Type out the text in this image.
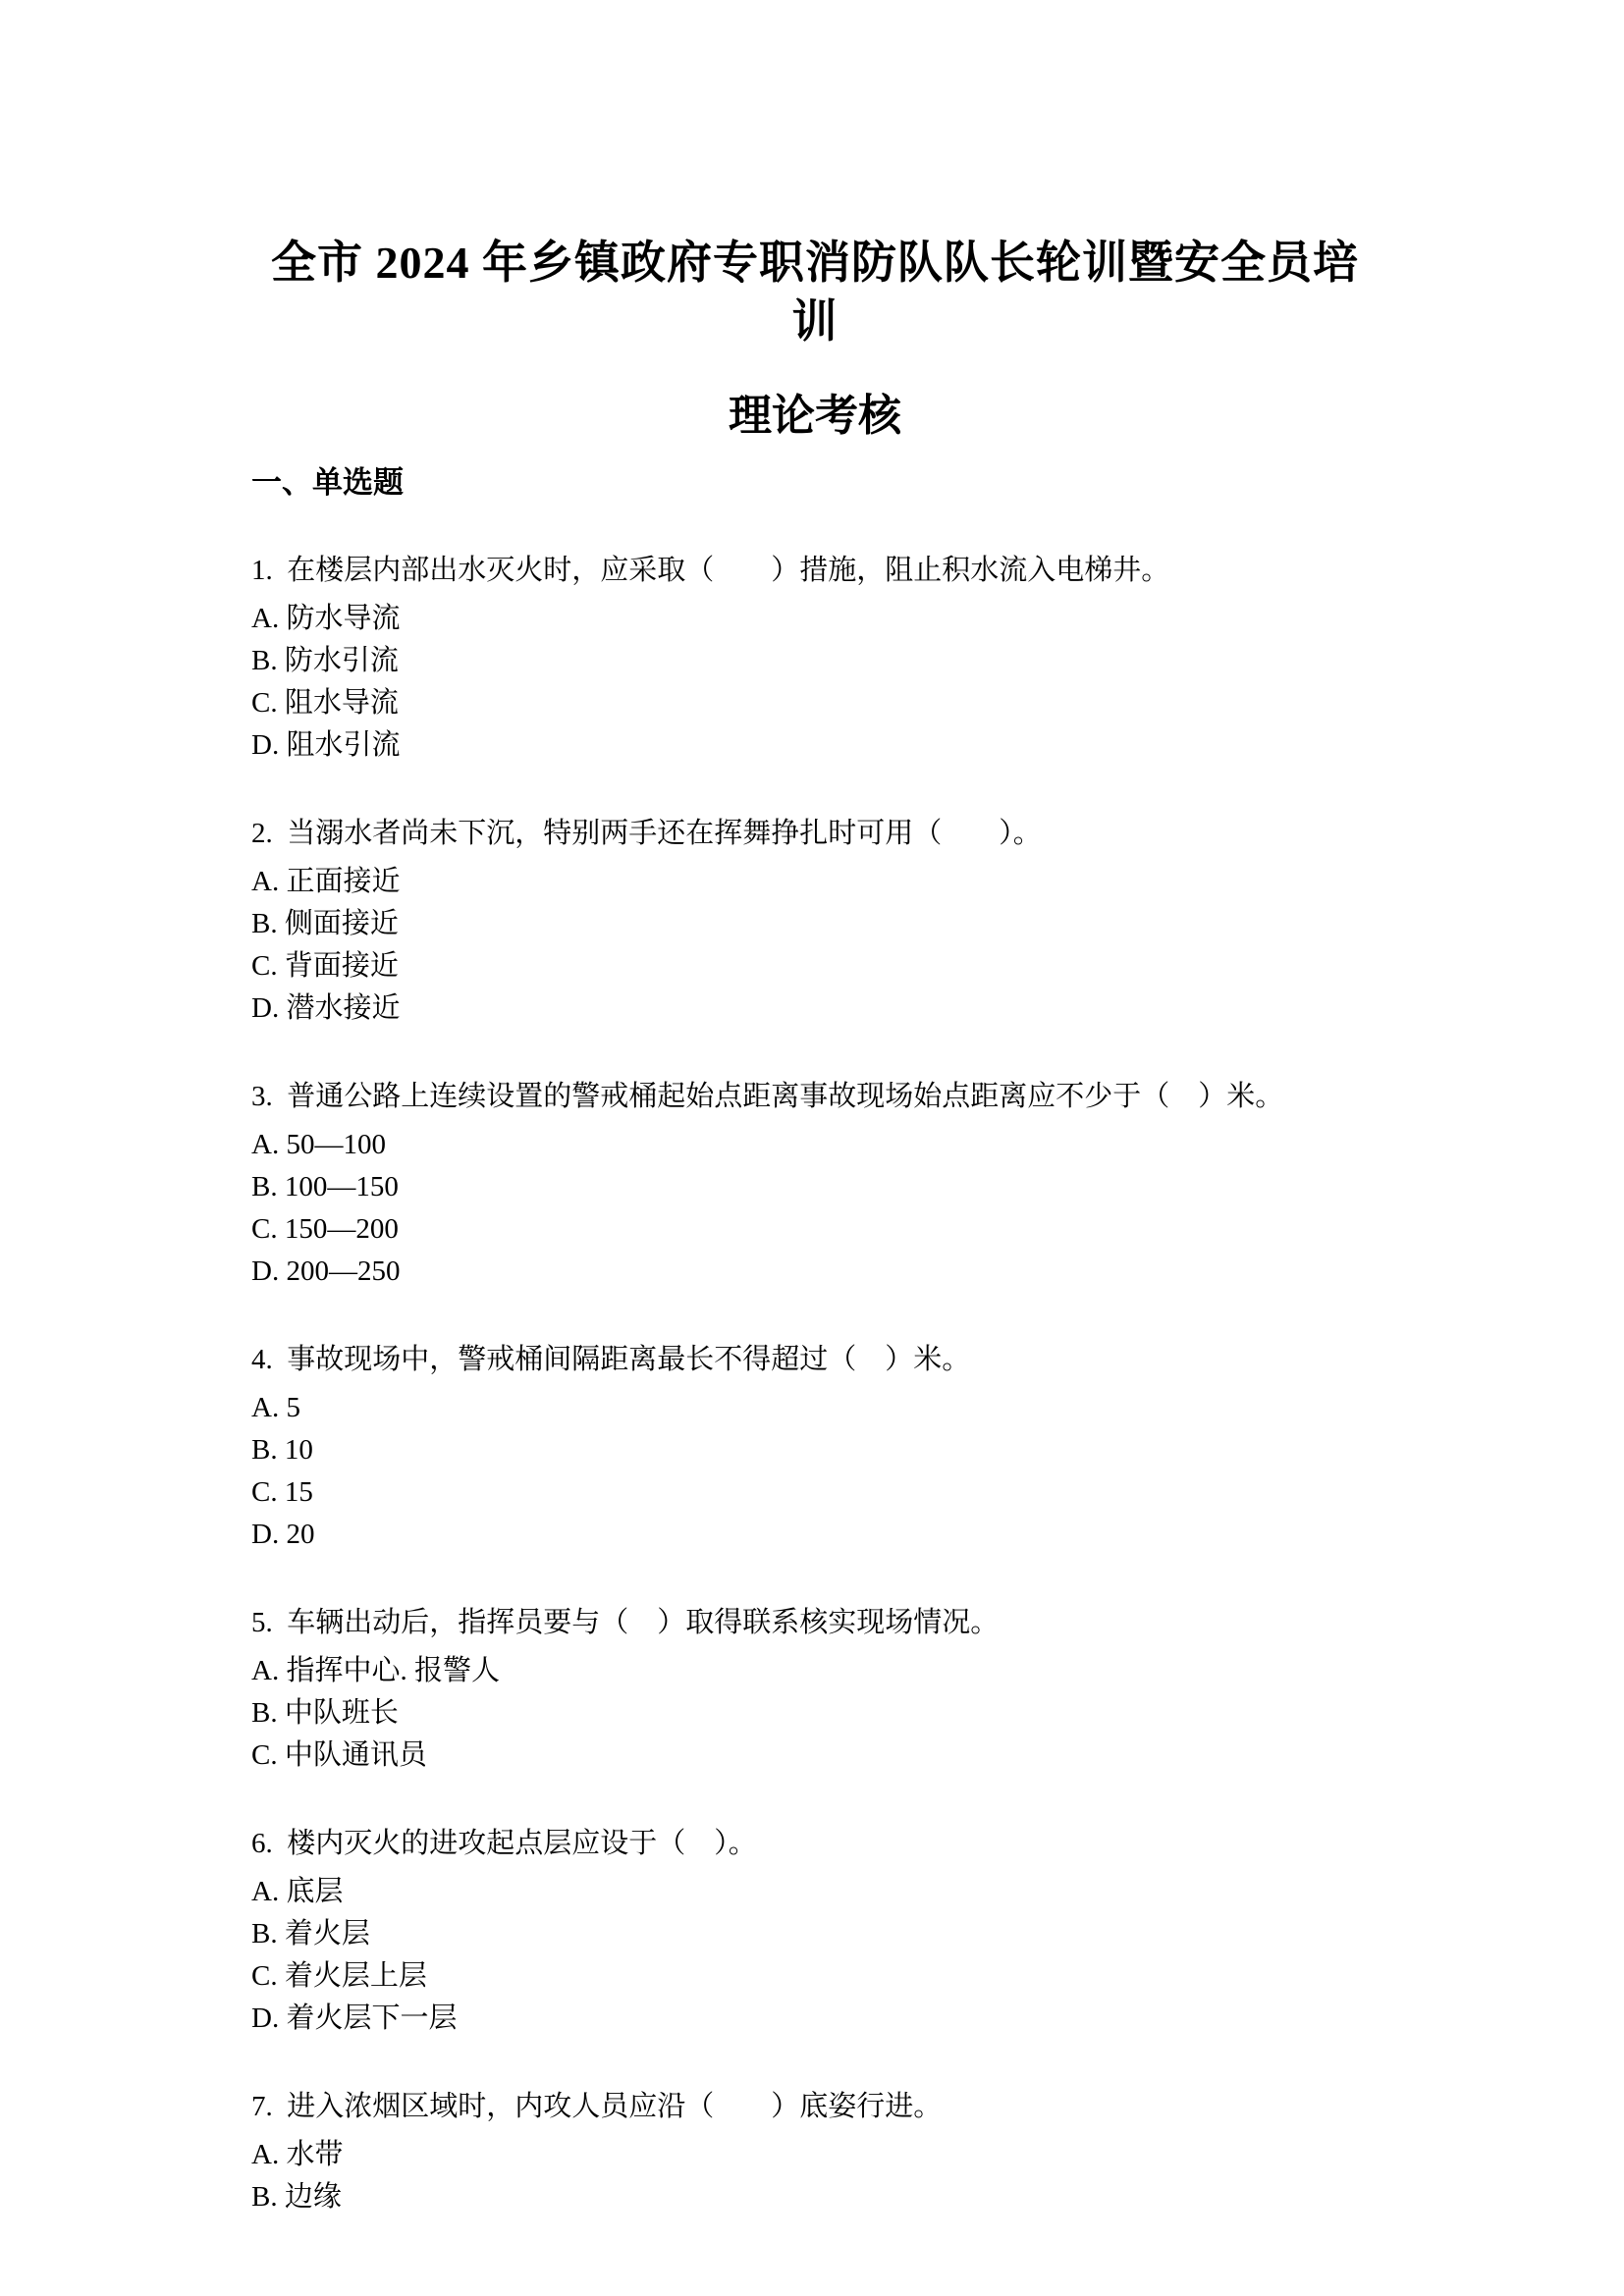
全市 2024 年乡镇政府专职消防队队长轮训暨安全员培训
理论考核
一、单选题
1.  在楼层内部出水灭火时，应采取（　　）措施，阻止积水流入电梯井。
A. 防水导流
B. 防水引流
C. 阻水导流
D. 阻水引流
2.  当溺水者尚未下沉，特别两手还在挥舞挣扎时可用（　　）。
A. 正面接近
B. 侧面接近
C. 背面接近
D. 潜水接近
3.  普通公路上连续设置的警戒桶起始点距离事故现场始点距离应不少于（　）米。
A. 50—100
B. 100—150
C. 150—200
D. 200—250
4.  事故现场中，警戒桶间隔距离最长不得超过（　）米。
A. 5
B. 10
C. 15
D. 20
5.  车辆出动后，指挥员要与（　）取得联系核实现场情况。
A. 指挥中心. 报警人
B. 中队班长
C. 中队通讯员
6.  楼内灭火的进攻起点层应设于（　）。
A. 底层
B. 着火层
C. 着火层上层
D. 着火层下一层
7.  进入浓烟区域时，内攻人员应沿（　　）底姿行进。
A. 水带
B. 边缘
